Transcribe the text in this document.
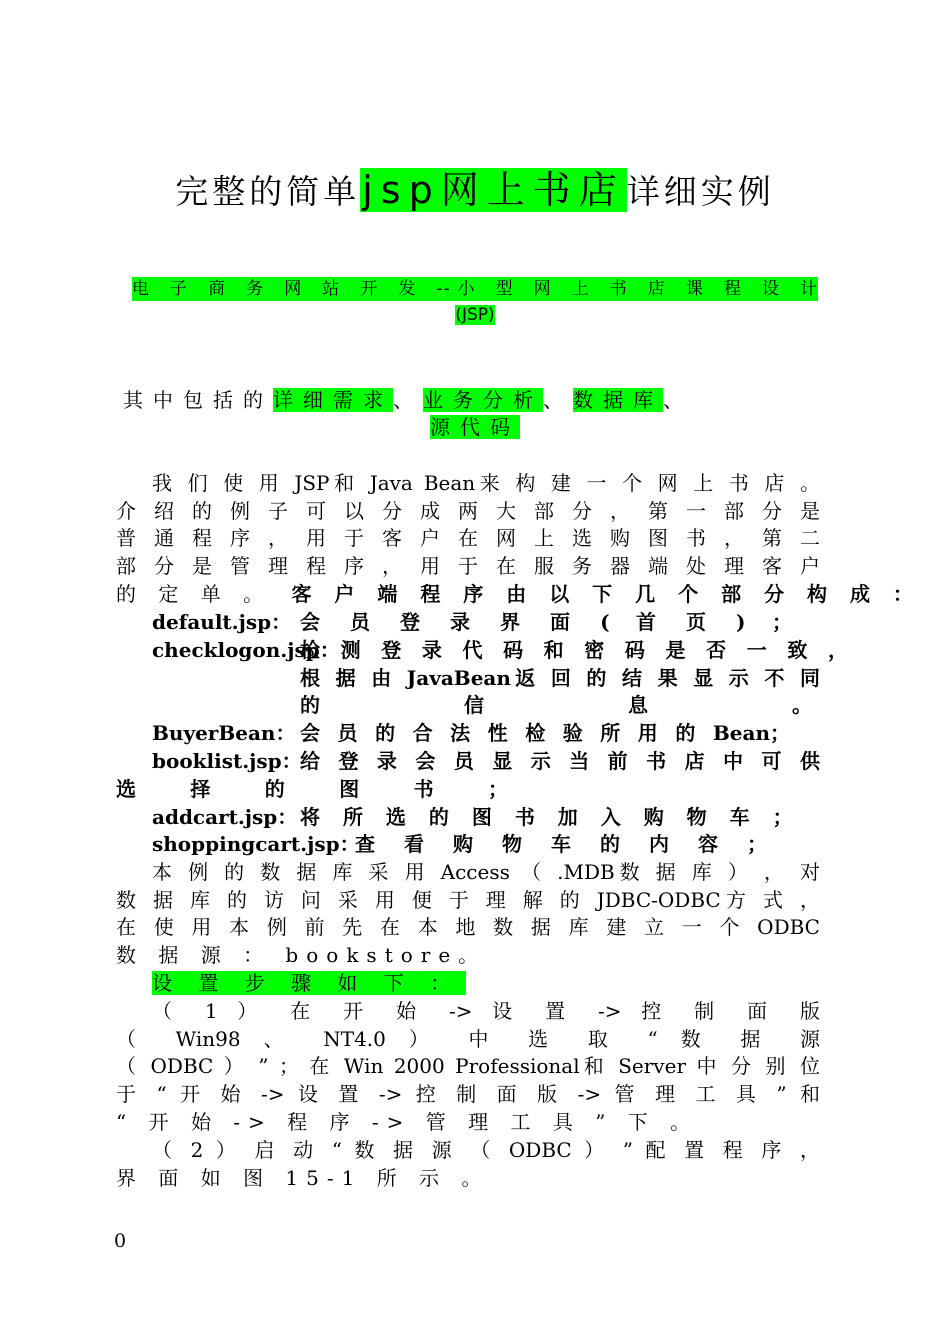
完整的简单jsp网上书店详细实例
电 子 商 务 网 站 开 发 --小 型 网 上 书 店 课 程 设 计
(JSP)
其中包括的详细需求、业务分析、数据库、
源代码
我 们 使 用 JSP和 Java Bean来 构 建 一 个 网 上 书 店 。
介 绍 的 例 子 可 以 分 成 两 大 部 分 ， 第 一 部 分 是
普 通 程 序 ， 用 于 客 户 在 网 上 选 购 图 书 ， 第 二
部 分 是 管 理 程 序 ， 用 于 在 服 务 器 端 处 理 客 户
的 定 单 。 客 户 端 程 序 由 以 下 几 个 部 分 构 成 ：
default.jsp： 会 员 登 录 界 面 ( 首 页 ) ；
checklogon.jsp：
检 测 登 录 代 码 和 密 码 是 否 一 致 ，
根 据 由 JavaBean返 回 的 结 果 显 示 不 同
的 信 息 。
BuyerBean： 会 员 的 合 法 性 检 验 所 用 的 Bean；
booklist.jsp：
给 登 录 会 员 显 示 当 前 书 店 中 可 供
选 择 的 图 书 ；
addcart.jsp： 将 所 选 的 图 书 加 入 购 物 车 ；
shoppingcart.jsp：
查 看 购 物 车 的 内 容 ；
本 例 的 数 据 库 采 用 Access （ .MDB数 据 库 ） ， 对
数 据 库 的 访 问 采 用 便 于 理 解 的 JDBC-ODBC方 式 ，
在 使 用 本 例 前 先 在 本 地 数 据 库 建 立 一 个 ODBC
数 据 源 ： bookstore。
设 置 步 骤 如 下 ：
（ 1 ） 在 开 始 -> 设 置 -> 控 制 面 版
（ Win98 、 NT4.0 ） 中 选 取 “ 数 据 源
（ ODBC ） ” ； 在 Win 2000 Professional和 Server 中 分 别 位
于 “ 开 始 -> 设 置 -> 控 制 面 版 -> 管 理 工 具 ” 和
“ 开 始 -> 程 序 -> 管 理 工 具 ” 下 。
（ 2 ） 启 动 “ 数 据 源 （ ODBC ） ” 配 置 程 序 ，
界 面 如 图 15-1 所 示 。
0
